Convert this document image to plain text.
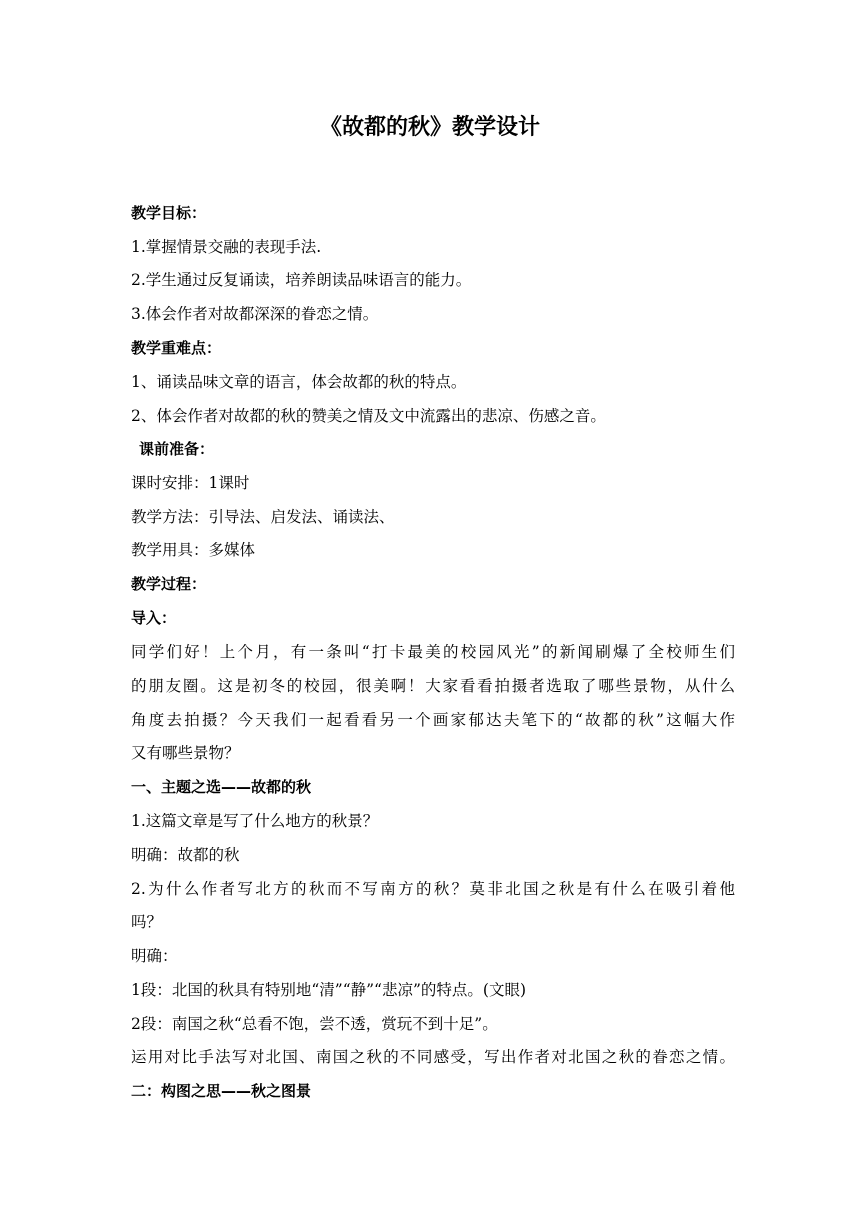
《故都的秋》教学设计
教学目标：
1.掌握情景交融的表现手法.
2.学生通过反复诵读，培养朗读品味语言的能力。
3.体会作者对故都深深的眷恋之情。
教学重难点：
1、诵读品味文章的语言，体会故都的秋的特点。
2、体会作者对故都的秋的赞美之情及文中流露出的悲凉、伤感之音。
课前准备：
课时安排：1课时
教学方法：引导法、启发法、诵读法、
教学用具：多媒体
教学过程：
导入：
同学们好！上个月，有一条叫“打卡最美的校园风光”的新闻刷爆了全校师生们
的朋友圈。这是初冬的校园，很美啊！大家看看拍摄者选取了哪些景物，从什么
角度去拍摄？今天我们一起看看另一个画家郁达夫笔下的“故都的秋”这幅大作
又有哪些景物？
一、主题之选——故都的秋
1.这篇文章是写了什么地方的秋景？
明确：故都的秋
2.为什么作者写北方的秋而不写南方的秋？莫非北国之秋是有什么在吸引着他
吗？
明确：
1段：北国的秋具有特别地“清”“静”“悲凉”的特点。(文眼)
2段：南国之秋“总看不饱，尝不透，赏玩不到十足”。
运用对比手法写对北国、南国之秋的不同感受，写出作者对北国之秋的眷恋之情。
二：构图之思——秋之图景
